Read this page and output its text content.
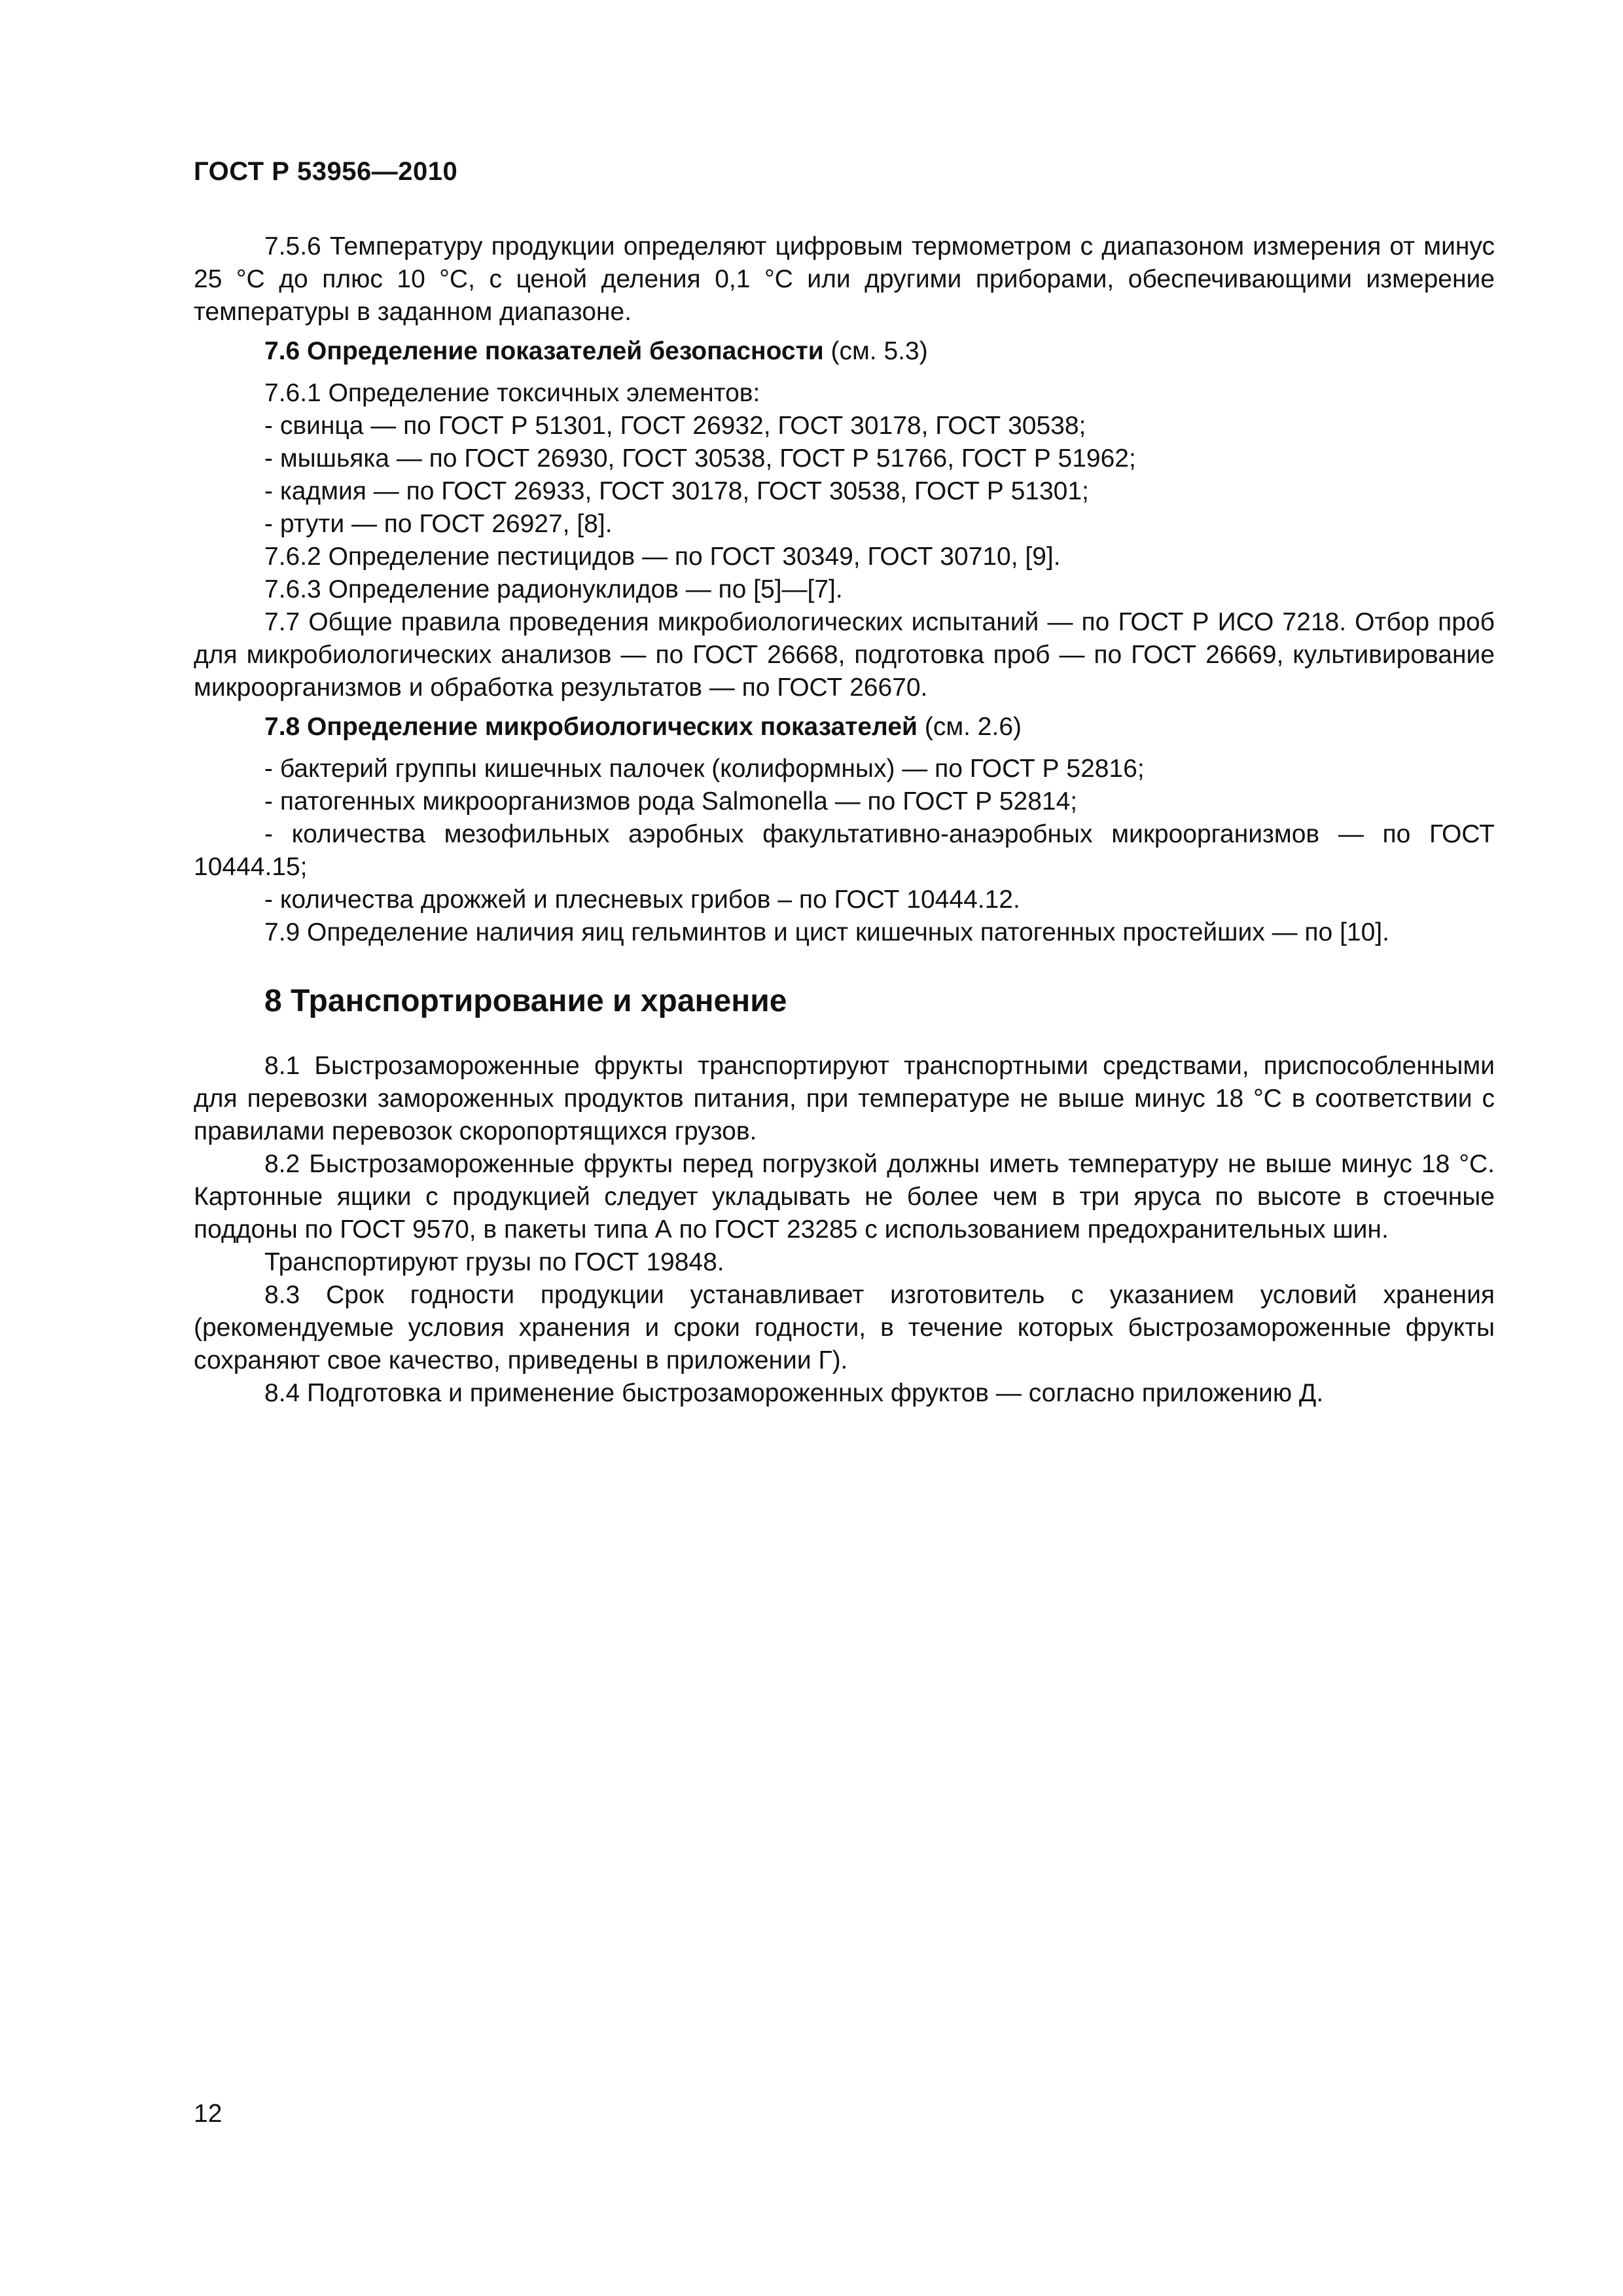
ГОСТ Р 53956—2010

7.5.6 Температуру продукции определяют цифровым термометром с диапазоном измерения от минус 25 °С до плюс 10 °С, с ценой деления 0,1 °С или другими приборами, обеспечивающими измерение температуры в заданном диапазоне.

7.6 Определение показателей безопасности (см. 5.3)

7.6.1 Определение токсичных элементов:

- свинца — по ГОСТ Р 51301, ГОСТ 26932, ГОСТ 30178, ГОСТ 30538;

- мышьяка — по ГОСТ 26930, ГОСТ 30538, ГОСТ Р 51766, ГОСТ Р 51962;

- кадмия — по ГОСТ 26933, ГОСТ 30178, ГОСТ 30538, ГОСТ Р 51301;

- ртути — по ГОСТ 26927, [8].

7.6.2 Определение пестицидов — по ГОСТ 30349, ГОСТ 30710, [9].

7.6.3 Определение радионуклидов — по [5]—[7].

7.7 Общие правила проведения микробиологических испытаний — по ГОСТ Р ИСО 7218. Отбор проб для микробиологических анализов — по ГОСТ 26668, подготовка проб — по ГОСТ 26669, культивирование микроорганизмов и обработка результатов — по ГОСТ 26670.

7.8 Определение микробиологических показателей (см. 2.6)

- бактерий группы кишечных палочек (колиформных) — по ГОСТ Р 52816;

- патогенных микроорганизмов рода Salmonella — по ГОСТ Р 52814;

- количества мезофильных аэробных факультативно-анаэробных микроорганизмов — по ГОСТ 10444.15;

- количества дрожжей и плесневых грибов – по ГОСТ 10444.12.

7.9 Определение наличия яиц гельминтов и цист кишечных патогенных простейших — по [10].

8 Транспортирование и хранение

8.1 Быстрозамороженные фрукты транспортируют транспортными средствами, приспособленными для перевозки замороженных продуктов питания, при температуре не выше минус 18 °С в соответствии с правилами перевозок скоропортящихся грузов.

8.2 Быстрозамороженные фрукты перед погрузкой должны иметь температуру не выше минус 18 °С. Картонные ящики с продукцией следует укладывать не более чем в три яруса по высоте в стоечные поддоны по ГОСТ 9570, в пакеты типа А по ГОСТ 23285 с использованием предохранительных шин.

Транспортируют грузы по ГОСТ 19848.

8.3 Срок годности продукции устанавливает изготовитель с указанием условий хранения (рекомендуемые условия хранения и сроки годности, в течение которых быстрозамороженные фрукты сохраняют свое качество, приведены в приложении Г).

8.4 Подготовка и применение быстрозамороженных фруктов — согласно приложению Д.

12
